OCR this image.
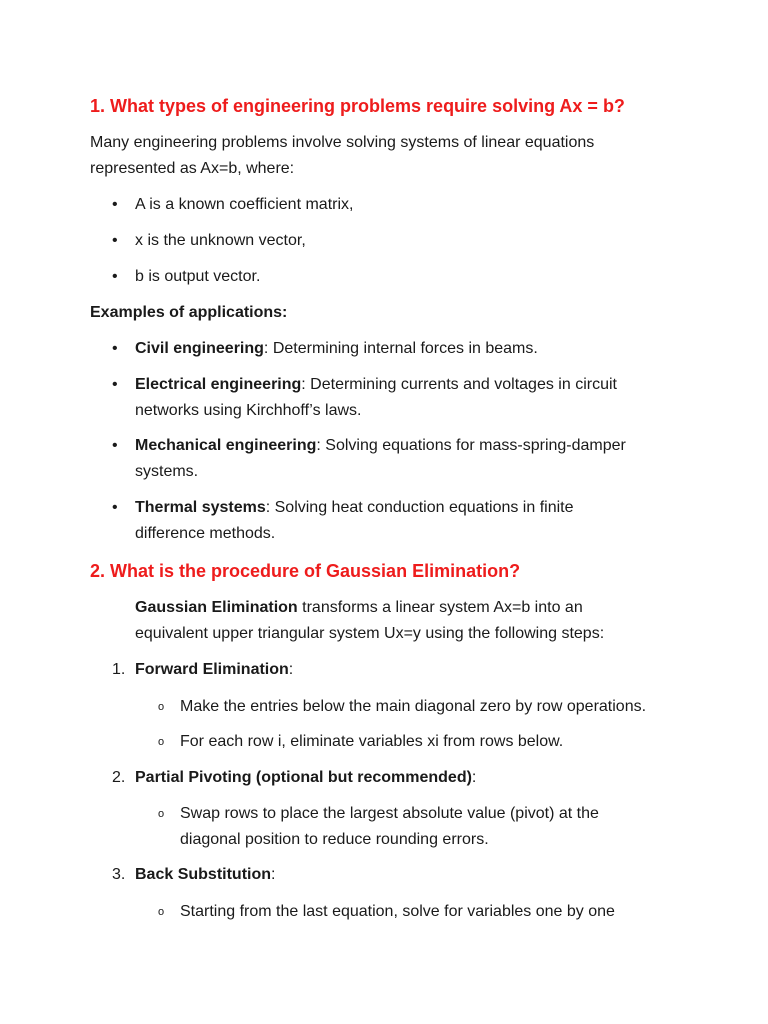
1. What types of engineering problems require solving Ax = b?

Many engineering problems involve solving systems of linear equations
represented as Ax=b, where:

• A is a known coefficient matrix,

• x is the unknown vector,

• b is output vector.

Examples of applications:

• Civil engineering: Determining internal forces in beams.

• Electrical engineering: Determining currents and voltages in circuit
networks using Kirchhoff’s laws.

• Mechanical engineering: Solving equations for mass-spring-damper
systems.

• Thermal systems: Solving heat conduction equations in finite
difference methods.

2. What is the procedure of Gaussian Elimination?

Gaussian Elimination transforms a linear system Ax=b into an
equivalent upper triangular system Ux=y using the following steps:

1. Forward Elimination:

o Make the entries below the main diagonal zero by row operations.

o For each row i, eliminate variables xi from rows below.

2. Partial Pivoting (optional but recommended):

o Swap rows to place the largest absolute value (pivot) at the
diagonal position to reduce rounding errors.

3. Back Substitution:

o Starting from the last equation, solve for variables one by one
